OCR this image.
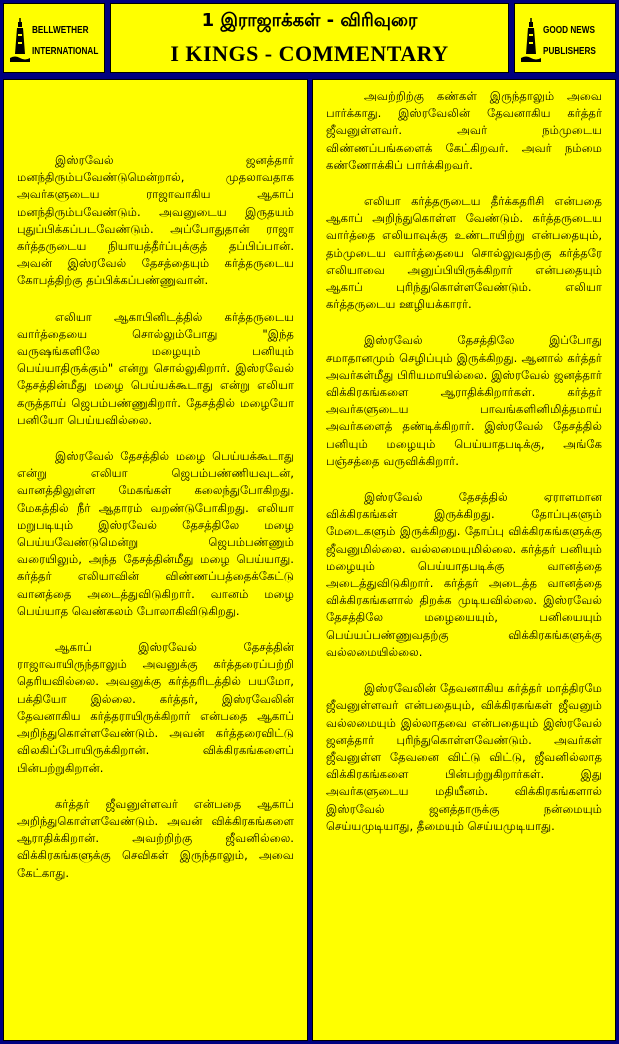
BELLWETHER
INTERNATIONAL
1 இராஜாக்கள் - விரிவுரை
I KINGS - COMMENTARY
GOOD NEWS
PUBLISHERS

இஸ்ரவேல் ஜனத்தார் மனந்திரும்பவேண்டுமென்றால், முதலாவதாக அவர்களுடைய ராஜாவாகிய ஆகாப் மனந்திரும்பவேண்டும். அவனுடைய இருதயம் புதுப்பிக்கப்படவேண்டும். அப்போதுதான் ராஜா கர்த்தருடைய நியாயத்தீர்ப்புக்குத் தப்பிப்பான். அவன் இஸ்ரவேல் தேசத்தையும் கர்த்தருடைய கோபத்திற்கு தப்பிக்கப்பண்ணுவான்.

எலியா ஆகாபினிடத்தில் கர்த்தருடைய வார்த்தையை சொல்லும்போது "இந்த வருஷங்களிலே மழையும் பனியும் பெய்யாதிருக்கும்" என்று சொல்லுகிறார். இஸ்ரவேல் தேசத்தின்மீது மழை பெய்யக்கூடாது என்று எலியா கருத்தாய் ஜெபம்பண்ணுகிறார். தேசத்தில் மழையோ பனியோ பெய்யவில்லை.

இஸ்ரவேல் தேசத்தில் மழை பெய்யக்கூடாது என்று எலியா ஜெபம்பண்ணியவுடன், வானத்திலுள்ள மேகங்கள் கலைந்துபோகிறது. மேகத்தில் நீர் ஆதாரம் வறண்டுபோகிறது. எலியா மறுபடியும் இஸ்ரவேல் தேசத்திலே மழை பெய்யவேண்டுமென்று ஜெபம்பண்ணும் வரையிலும், அந்த தேசத்தின்மீது மழை பெய்யாது. கர்த்தர் எலியாவின் விண்ணப்பத்தைக்கேட்டு வானத்தை அடைத்துவிடுகிறார். வானம் மழை பெய்யாத வெண்கலம் போலாகிவிடுகிறது.

ஆகாப் இஸ்ரவேல் தேசத்தின் ராஜாவாயிருந்தாலும் அவனுக்கு கர்த்தரைப்பற்றி தெரியவில்லை. அவனுக்கு கர்த்தரிடத்தில் பயமோ, பக்தியோ இல்லை. கர்த்தர், இஸ்ரவேலின் தேவனாகிய கர்த்தராயிருக்கிறார் என்பதை ஆகாப் அறிந்துகொள்ளவேண்டும். அவன் கர்த்தரைவிட்டு விலகிப்போயிருக்கிறான். விக்கிரகங்களைப் பின்பற்றுகிறான்.

கர்த்தர் ஜீவனுள்ளவர் என்பதை ஆகாப் அறிந்துகொள்ளவேண்டும். அவன் விக்கிரகங்களை ஆராதிக்கிறான். அவற்றிற்கு ஜீவனில்லை. விக்கிரகங்களுக்கு செவிகள் இருந்தாலும், அவை கேட்காது.

அவற்றிற்கு கண்கள் இருந்தாலும் அவை பார்க்காது. இஸ்ரவேலின் தேவனாகிய கர்த்தர் ஜீவனுள்ளவர். அவர் நம்முடைய விண்ணப்பங்களைக் கேட்கிறவர். அவர் நம்மை கண்ணோக்கிப் பார்க்கிறவர்.

எலியா கர்த்தருடைய தீர்க்கதரிசி என்பதை ஆகாப் அறிந்துகொள்ள வேண்டும். கர்த்தருடைய வார்த்தை எலியாவுக்கு உண்டாயிற்று என்பதையும், தம்முடைய வார்த்தையை சொல்லுவதற்கு கர்த்தரே எலியாவை அனுப்பியிருக்கிறார் என்பதையும் ஆகாப் புரிந்துகொள்ளவேண்டும். எலியா கர்த்தருடைய ஊழியக்காரர்.

இஸ்ரவேல் தேசத்திலே இப்போது சமாதானமும் செழிப்பும் இருக்கிறது. ஆனால் கர்த்தர் அவர்கள்மீது பிரியமாயில்லை. இஸ்ரவேல் ஜனத்தார் விக்கிரகங்களை ஆராதிக்கிறார்கள். கர்த்தர் அவர்களுடைய பாவங்களினிமித்தமாய் அவர்களைத் தண்டிக்கிறார். இஸ்ரவேல் தேசத்தில் பனியும் மழையும் பெய்யாதபடிக்கு, அங்கே பஞ்சத்தை வருவிக்கிறார்.

இஸ்ரவேல் தேசத்தில் ஏராளமான விக்கிரகங்கள் இருக்கிறது. தோப்புகளும் மேடைகளும் இருக்கிறது. தோப்பு விக்கிரகங்களுக்கு ஜீவனுமில்லை. வல்லமையுமில்லை. கர்த்தர் பனியும் மழையும் பெய்யாதபடிக்கு வானத்தை அடைத்துவிடுகிறார். கர்த்தர் அடைத்த வானத்தை விக்கிரகங்களால் திறக்க முடியவில்லை. இஸ்ரவேல் தேசத்திலே மழையையும், பனியையும் பெய்யப்பண்ணுவதற்கு விக்கிரகங்களுக்கு வல்லமையில்லை.

இஸ்ரவேலின் தேவனாகிய கர்த்தர் மாத்திரமே ஜீவனுள்ளவர் என்பதையும், விக்கிரகங்கள் ஜீவனும் வல்லமையும் இல்லாதவை என்பதையும் இஸ்ரவேல் ஜனத்தார் புரிந்துகொள்ளவேண்டும். அவர்கள் ஜீவனுள்ள தேவனை விட்டு விட்டு, ஜீவனில்லாத விக்கிரகங்களை பின்பற்றுகிறார்கள். இது அவர்களுடைய மதியீனம். விக்கிரகங்களால் இஸ்ரவேல் ஜனத்தாருக்கு நன்மையும் செய்யமுடியாது, தீமையும் செய்யமுடியாது.
